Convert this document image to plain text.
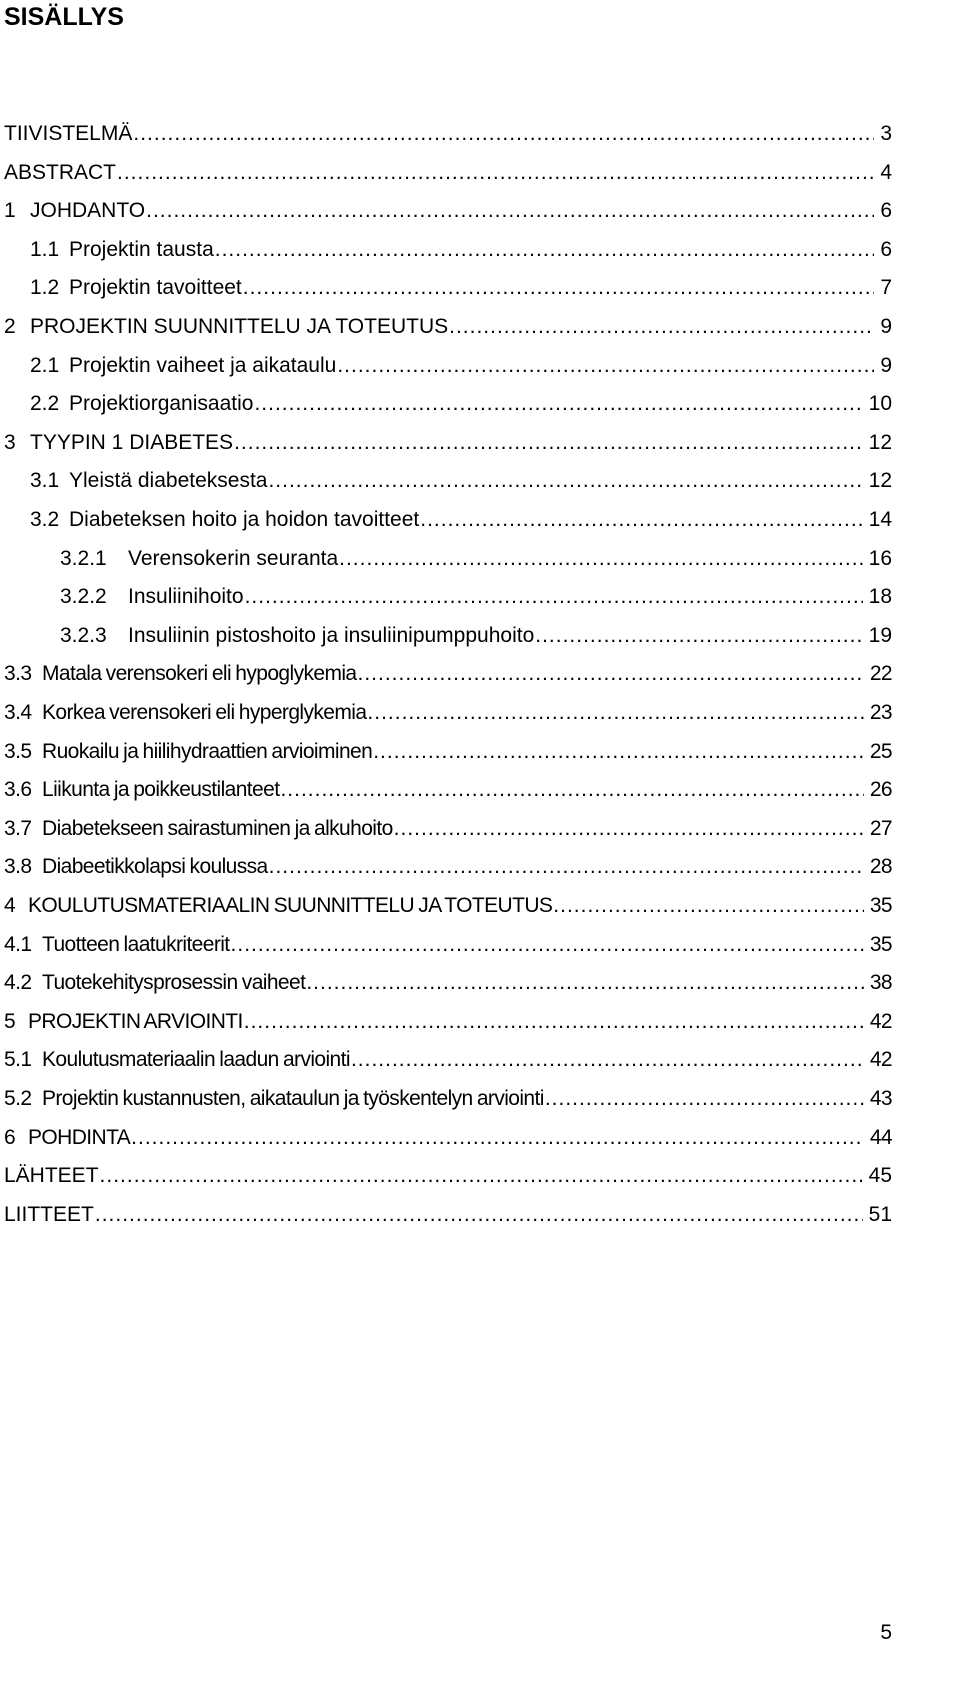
SISÄLLYS
TIIVISTELMÄ .....	3
ABSTRACT .....	4
1 JOHDANTO .....	6
1.1 Projektin tausta .....	6
1.2 Projektin tavoitteet .....	7
2 PROJEKTIN SUUNNITTELU JA TOTEUTUS .....	9
2.1 Projektin vaiheet ja aikataulu .....	9
2.2 Projektiorganisaatio .....	10
3 TYYPIN 1 DIABETES .....	12
3.1 Yleistä diabeteksesta .....	12
3.2 Diabeteksen hoito ja hoidon tavoitteet .....	14
3.2.1	Verensokerin seuranta .....	16
3.2.2	Insuliinihoito .....	18
3.2.3	Insuliinin pistoshoito ja insuliinipumppuhoito .....	19
3.3 Matala verensokeri eli hypoglykemia .....	22
3.4 Korkea verensokeri eli hyperglykemia .....	23
3.5 Ruokailu ja hiilihydraattien arvioiminen .....	25
3.6 Liikunta ja poikkeustilanteet .....	26
3.7 Diabetekseen sairastuminen ja alkuhoito .....	27
3.8 Diabeetikkolapsi koulussa .....	28
4 KOULUTUSMATERIAALIN SUUNNITTELU JA TOTEUTUS .....	35
4.1 Tuotteen laatukriteerit .....	35
4.2 Tuotekehitysprosessin vaiheet .....	38
5 PROJEKTIN ARVIOINTI .....	42
5.1 Koulutusmateriaalin laadun arviointi .....	42
5.2 Projektin kustannusten, aikataulun ja työskentelyn arviointi .....	43
6 POHDINTA .....	44
LÄHTEET .....	45
LIITTEET .....	51
5
